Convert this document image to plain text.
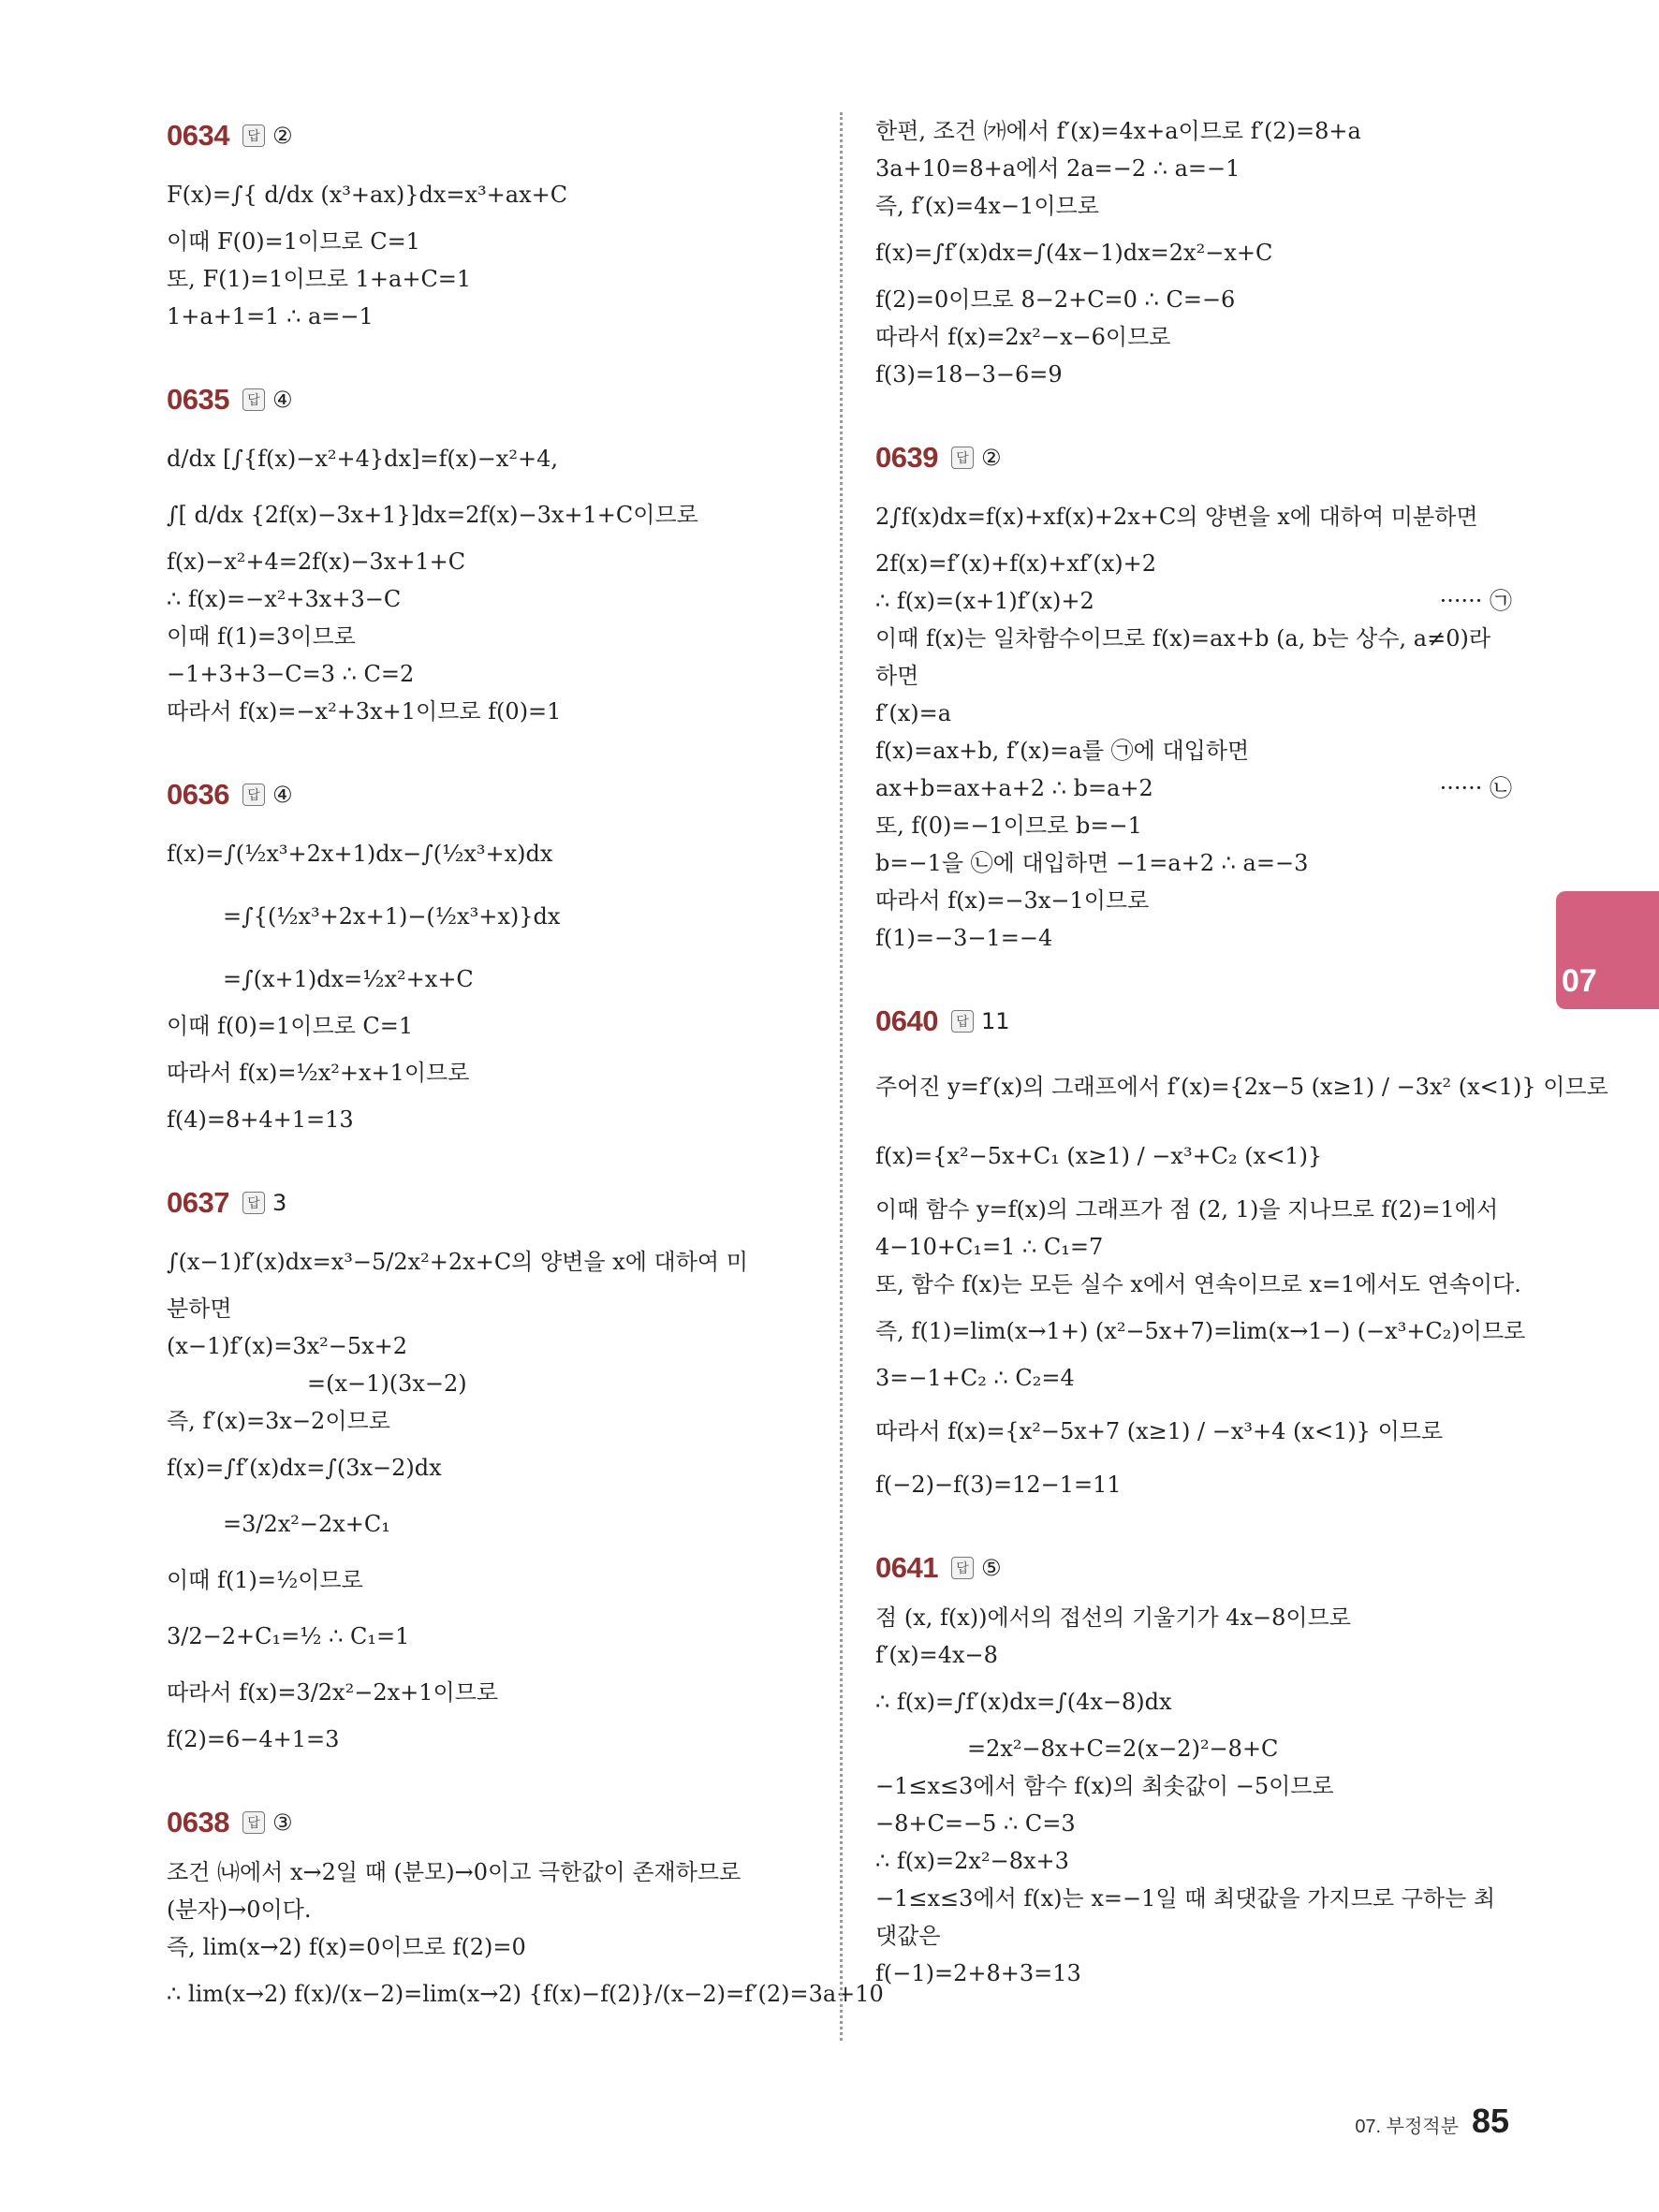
0634	답 ②
F(x)=∫{ d/dx (x³+ax)}dx=x³+ax+C
이때 F(0)=1이므로 C=1
또, F(1)=1이므로 1+a+C=1
1+a+1=1 ∴ a=−1
0635	답 ④
d/dx [∫{f(x)−x²+4}dx]=f(x)−x²+4,
∫[ d/dx {2f(x)−3x+1}]dx=2f(x)−3x+1+C이므로
f(x)−x²+4=2f(x)−3x+1+C
∴ f(x)=−x²+3x+3−C
이때 f(1)=3이므로
−1+3+3−C=3 ∴ C=2
따라서 f(x)=−x²+3x+1이므로 f(0)=1
0636	답 ④
f(x)=∫(½x³+2x+1)dx−∫(½x³+x)dx
=∫{(½x³+2x+1)−(½x³+x)}dx
=∫(x+1)dx=½x²+x+C
이때 f(0)=1이므로 C=1
따라서 f(x)=½x²+x+1이므로
f(4)=8+4+1=13
0637	답 3
∫(x−1)f′(x)dx=x³−5/2x²+2x+C의 양변을 x에 대하여 미
분하면
(x−1)f′(x)=3x²−5x+2
=(x−1)(3x−2)
즉, f′(x)=3x−2이므로
f(x)=∫f′(x)dx=∫(3x−2)dx
=3/2x²−2x+C₁
이때 f(1)=½이므로
3/2−2+C₁=½ ∴ C₁=1
따라서 f(x)=3/2x²−2x+1이므로
f(2)=6−4+1=3
0638	답 ③
조건 ㈏에서 x→2일 때 (분모)→0이고 극한값이 존재하므로
(분자)→0이다.
즉, lim(x→2) f(x)=0이므로 f(2)=0
∴ lim(x→2) f(x)/(x−2)=lim(x→2) {f(x)−f(2)}/(x−2)=f′(2)=3a+10
한편, 조건 ㈎에서 f′(x)=4x+a이므로 f′(2)=8+a
3a+10=8+a에서 2a=−2 ∴ a=−1
즉, f′(x)=4x−1이므로
f(x)=∫f′(x)dx=∫(4x−1)dx=2x²−x+C
f(2)=0이므로 8−2+C=0 ∴ C=−6
따라서 f(x)=2x²−x−6이므로
f(3)=18−3−6=9
0639	답 ②
2∫f(x)dx=f(x)+xf(x)+2x+C의 양변을 x에 대하여 미분하면
2f(x)=f′(x)+f(x)+xf′(x)+2
∴ f(x)=(x+1)f′(x)+2	······ ㉠
이때 f(x)는 일차함수이므로 f(x)=ax+b (a, b는 상수, a≠0)라
하면
f′(x)=a
f(x)=ax+b, f′(x)=a를 ㉠에 대입하면
ax+b=ax+a+2 ∴ b=a+2	······ ㉡
또, f(0)=−1이므로 b=−1
b=−1을 ㉡에 대입하면 −1=a+2 ∴ a=−3
따라서 f(x)=−3x−1이므로
f(1)=−3−1=−4
0640	답 11
주어진 y=f′(x)의 그래프에서 f′(x)={2x−5 (x≥1) / −3x² (x<1)} 이므로
f(x)={x²−5x+C₁ (x≥1) / −x³+C₂ (x<1)}
이때 함수 y=f(x)의 그래프가 점 (2, 1)을 지나므로 f(2)=1에서
4−10+C₁=1 ∴ C₁=7
또, 함수 f(x)는 모든 실수 x에서 연속이므로 x=1에서도 연속이다.
즉, f(1)=lim(x→1+) (x²−5x+7)=lim(x→1−) (−x³+C₂)이므로
3=−1+C₂ ∴ C₂=4
따라서 f(x)={x²−5x+7 (x≥1) / −x³+4 (x<1)} 이므로
f(−2)−f(3)=12−1=11
0641	답 ⑤
점 (x, f(x))에서의 접선의 기울기가 4x−8이므로
f′(x)=4x−8
∴ f(x)=∫f′(x)dx=∫(4x−8)dx
=2x²−8x+C=2(x−2)²−8+C
−1≤x≤3에서 함수 f(x)의 최솟값이 −5이므로
−8+C=−5 ∴ C=3
∴ f(x)=2x²−8x+3
−1≤x≤3에서 f(x)는 x=−1일 때 최댓값을 가지므로 구하는 최
댓값은
f(−1)=2+8+3=13
07
07. 부정적분 85
